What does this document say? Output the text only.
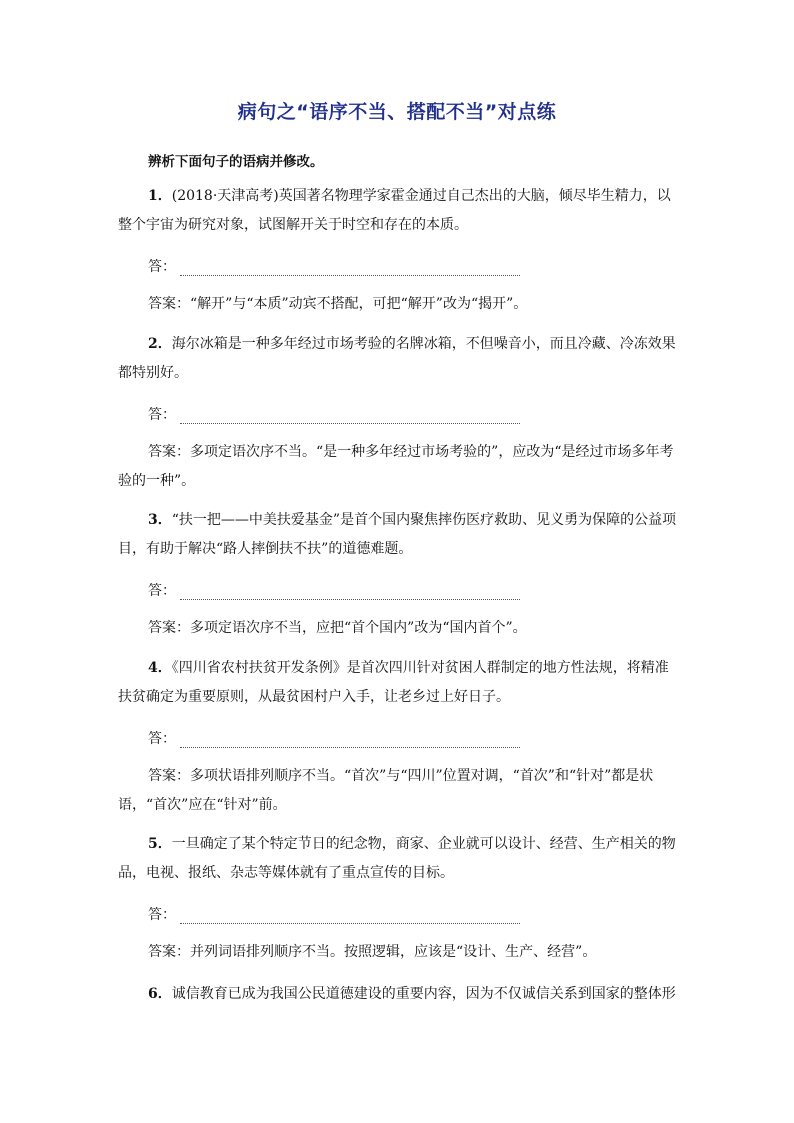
病句之“语序不当、搭配不当”对点练
辨析下面句子的语病并修改。
1．(2018·天津高考)英国著名物理学家霍金通过自己杰出的大脑，倾尽毕生精力，以整个宇宙为研究对象，试图解开关于时空和存在的本质。
答：
答案：“解开”与“本质”动宾不搭配，可把“解开”改为“揭开”。
2．海尔冰箱是一种多年经过市场考验的名牌冰箱，不但噪音小，而且冷藏、冷冻效果都特别好。
答：
答案：多项定语次序不当。“是一种多年经过市场考验的”，应改为“是经过市场多年考验的一种”。
3．“扶一把——中美扶爱基金”是首个国内聚焦摔伤医疗救助、见义勇为保障的公益项目，有助于解决“路人摔倒扶不扶”的道德难题。
答：
答案：多项定语次序不当，应把“首个国内”改为“国内首个”。
4．《四川省农村扶贫开发条例》是首次四川针对贫困人群制定的地方性法规，将精准扶贫确定为重要原则，从最贫困村户入手，让老乡过上好日子。
答：
答案：多项状语排列顺序不当。“首次”与“四川”位置对调，“首次”和“针对”都是状语，“首次”应在“针对”前。
5．一旦确定了某个特定节日的纪念物，商家、企业就可以设计、经营、生产相关的物品，电视、报纸、杂志等媒体就有了重点宣传的目标。
答：
答案：并列词语排列顺序不当。按照逻辑，应该是“设计、生产、经营”。
6．诚信教育已成为我国公民道德建设的重要内容，因为不仅诚信关系到国家的整体形
